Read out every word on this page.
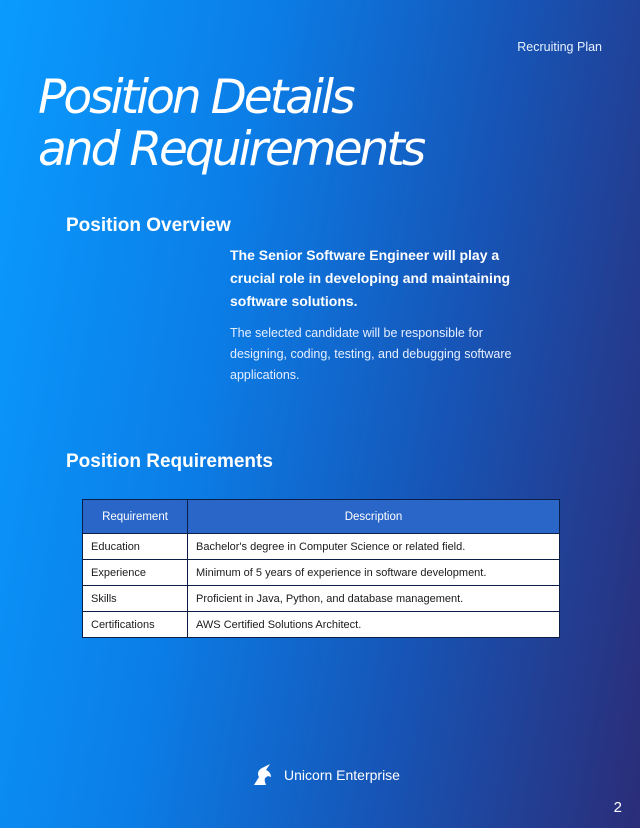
Recruiting Plan
Position Details
and Requirements
Position Overview

The Senior Software Engineer will play a crucial role in developing and maintaining software solutions.

The selected candidate will be responsible for designing, coding, testing, and debugging software applications.

Position Requirements
Requirement	Description
Education	Bachelor's degree in Computer Science or related field.
Experience	Minimum of 5 years of experience in software development.
Skills	Proficient in Java, Python, and database management.
Certifications	AWS Certified Solutions Architect.
Unicorn Enterprise
2
